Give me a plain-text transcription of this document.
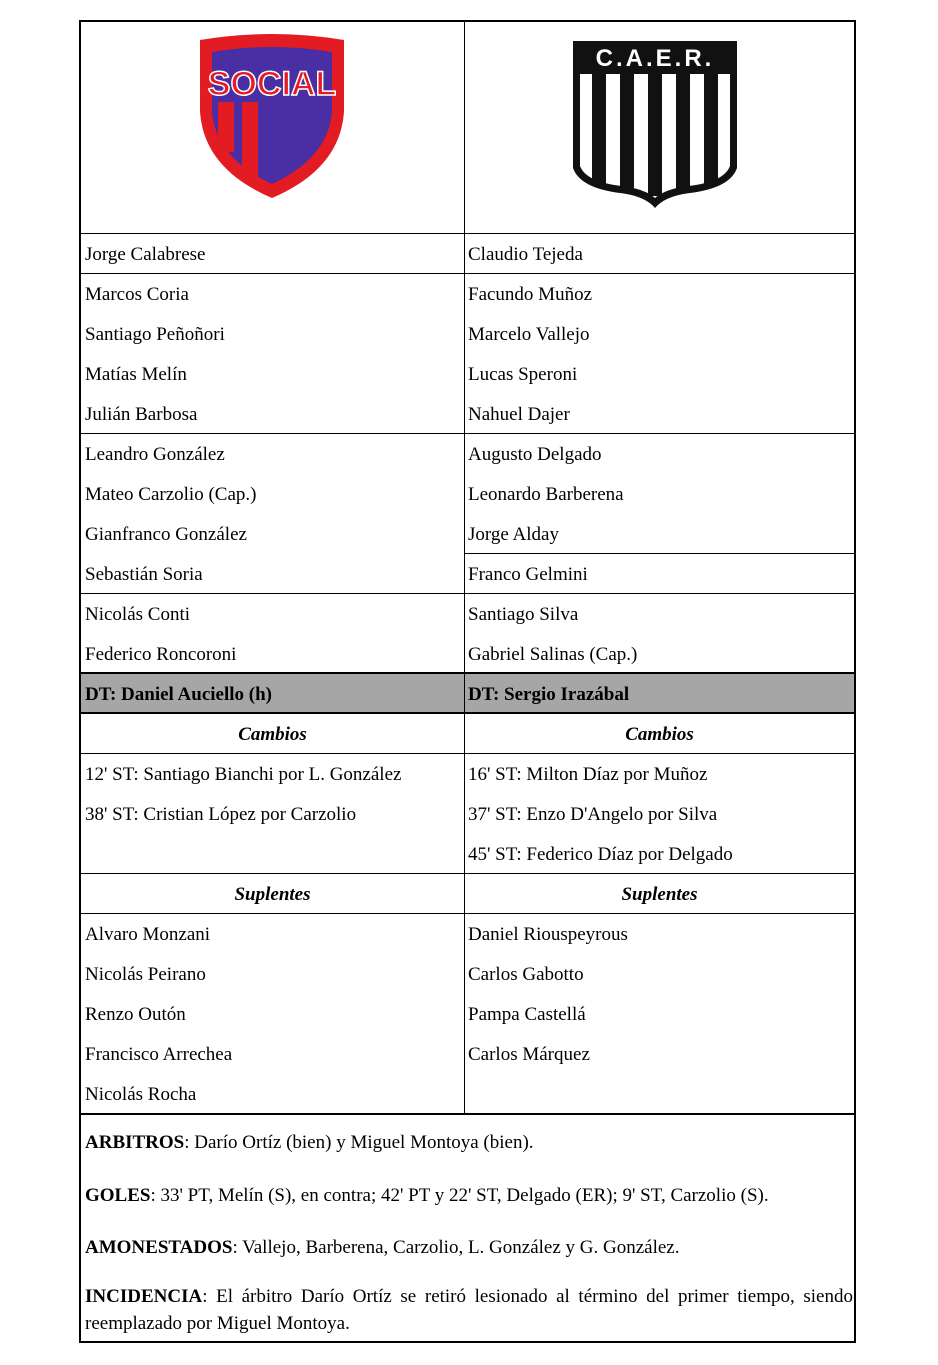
SOCIAL
C.A.E.R.
Jorge Calabrese
Marcos Coria
Santiago Peñoñori
Matías Melín
Julián Barbosa
Leandro González
Mateo Carzolio (Cap.)
Gianfranco González
Sebastián Soria
Nicolás Conti
Federico Roncoroni
DT: Daniel Auciello (h)
Cambios
12' ST: Santiago Bianchi por L. González
38' ST: Cristian López por Carzolio
Suplentes
Alvaro Monzani
Nicolás Peirano
Renzo Outón
Francisco Arrechea
Nicolás Rocha
Claudio Tejeda
Facundo Muñoz
Marcelo Vallejo
Lucas Speroni
Nahuel Dajer
Augusto Delgado
Leonardo Barberena
Jorge Alday
Franco Gelmini
Santiago Silva
Gabriel Salinas (Cap.)
DT: Sergio Irazábal
Cambios
16' ST: Milton Díaz por Muñoz
37' ST: Enzo D'Angelo por Silva
45' ST: Federico Díaz por Delgado
Suplentes
Daniel Riouspeyrous
Carlos Gabotto
Pampa Castellá
Carlos Márquez

ARBITROS: Darío Ortíz (bien) y Miguel Montoya (bien).

GOLES: 33' PT, Melín (S), en contra; 42' PT y 22' ST, Delgado (ER); 9' ST, Carzolio (S).

AMONESTADOS: Vallejo, Barberena, Carzolio, L. González y G. González.

INCIDENCIA: El árbitro Darío Ortíz se retiró lesionado al término del primer tiempo, siendo reemplazado por Miguel Montoya.
